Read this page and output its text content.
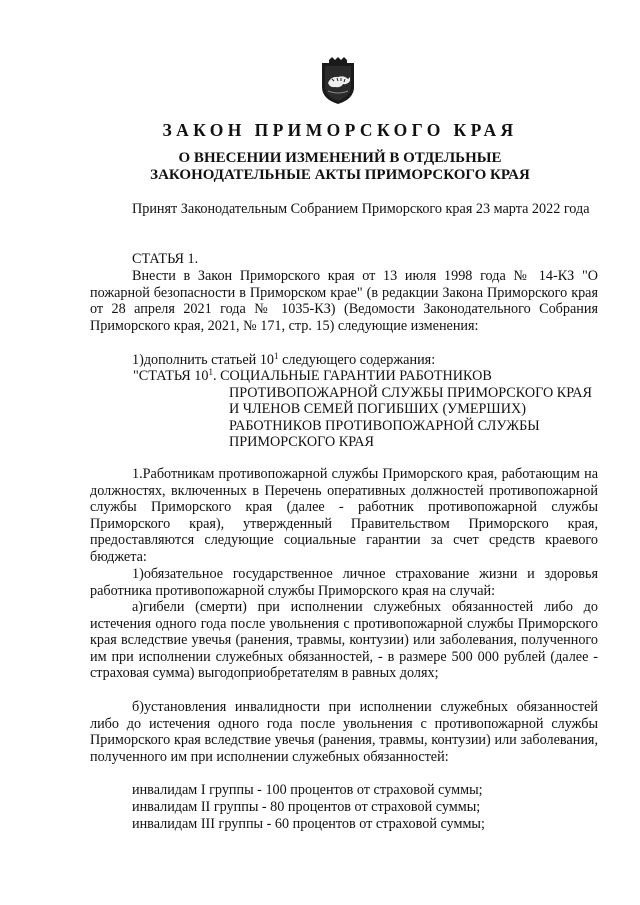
ЗАКОН ПРИМОРСКОГО КРАЯ
О ВНЕСЕНИИ ИЗМЕНЕНИЙ В ОТДЕЛЬНЫЕ
ЗАКОНОДАТЕЛЬНЫЕ АКТЫ ПРИМОРСКОГО КРАЯ

Принят Законодательным Собранием Приморского края 23 марта 2022 года

СТАТЬЯ 1.

Внести в Закон Приморского края от 13 июля 1998 года № 14-КЗ "О пожарной безопасности в Приморском крае" (в редакции Закона Приморского края от 28 апреля 2021 года № 1035-КЗ) (Ведомости Законодательного Собрания Приморского края, 2021, № 171, стр. 15) следующие изменения:

1)дополнить статьей $10^1$ следующего содержания:

"СТАТЬЯ $10^1$. СОЦИАЛЬНЫЕ ГАРАНТИИ РАБОТНИКОВ
ПРОТИВОПОЖАРНОЙ СЛУЖБЫ ПРИМОРСКОГО КРАЯ И ЧЛЕНОВ СЕМЕЙ ПОГИБШИХ (УМЕРШИХ) РАБОТНИКОВ ПРОТИВОПОЖАРНОЙ СЛУЖБЫ ПРИМОРСКОГО КРАЯ

1.Работникам противопожарной службы Приморского края, работающим на должностях, включенных в Перечень оперативных должностей противопожарной службы Приморского края (далее - работник противопожарной службы Приморского края), утвержденный Правительством Приморского края, предоставляются следующие социальные гарантии за счет средств краевого бюджета:

1)обязательное государственное личное страхование жизни и здоровья работника противопожарной службы Приморского края на случай:

а)гибели (смерти) при исполнении служебных обязанностей либо до истечения одного года после увольнения с противопожарной службы Приморского края вследствие увечья (ранения, травмы, контузии) или заболевания, полученного им при исполнении служебных обязанностей, - в размере 500 000 рублей (далее - страховая сумма) выгодоприобретателям в равных долях;

б)установления инвалидности при исполнении служебных обязанностей либо до истечения одного года после увольнения с противопожарной службы Приморского края вследствие увечья (ранения, травмы, контузии) или заболевания, полученного им при исполнении служебных обязанностей:

инвалидам I группы - 100 процентов от страховой суммы;

инвалидам II группы - 80 процентов от страховой суммы;

инвалидам III группы - 60 процентов от страховой суммы;
